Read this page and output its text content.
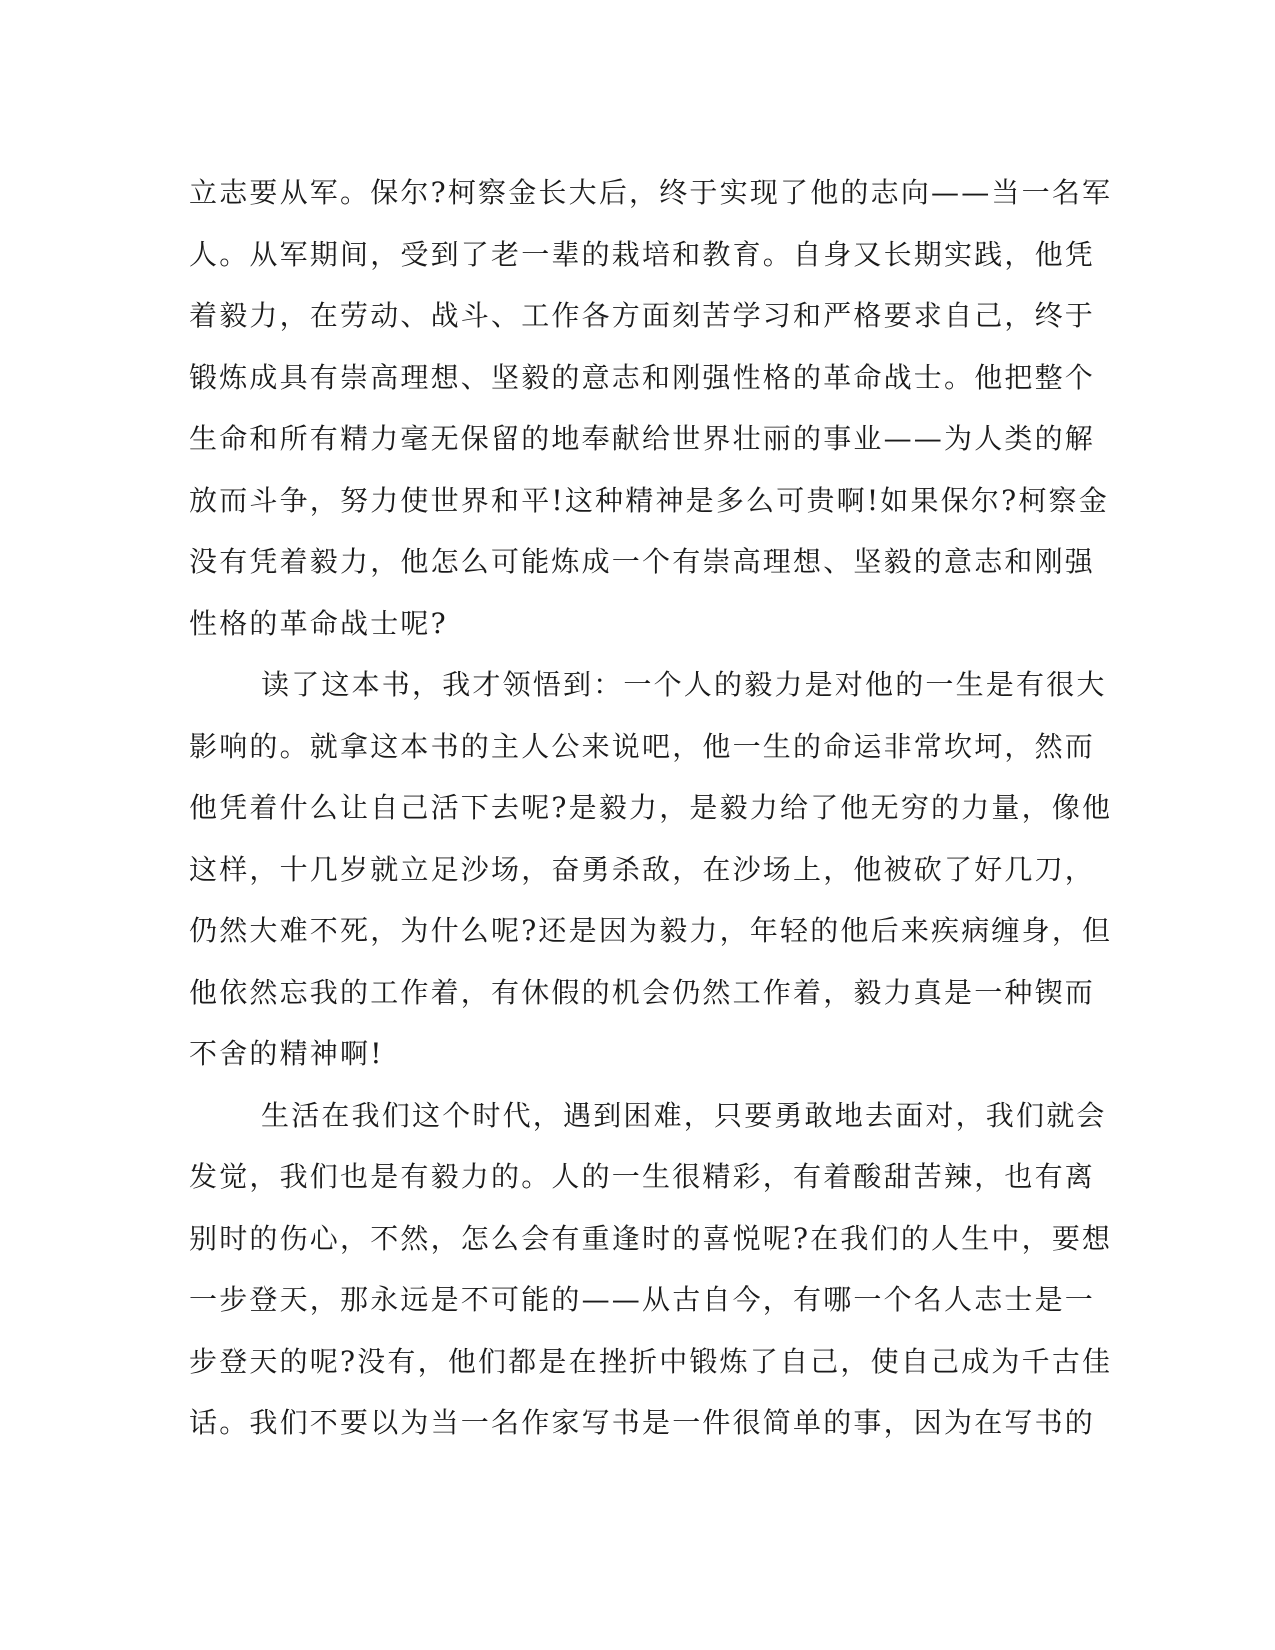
立志要从军。保尔?柯察金长大后，终于实现了他的志向——当一名军
人。从军期间，受到了老一辈的栽培和教育。自身又长期实践，他凭
着毅力，在劳动、战斗、工作各方面刻苦学习和严格要求自己，终于
锻炼成具有崇高理想、坚毅的意志和刚强性格的革命战士。他把整个
生命和所有精力毫无保留的地奉献给世界壮丽的事业——为人类的解
放而斗争，努力使世界和平!这种精神是多么可贵啊!如果保尔?柯察金
没有凭着毅力，他怎么可能炼成一个有崇高理想、坚毅的意志和刚强
性格的革命战士呢?
读了这本书，我才领悟到：一个人的毅力是对他的一生是有很大
影响的。就拿这本书的主人公来说吧，他一生的命运非常坎坷，然而
他凭着什么让自己活下去呢?是毅力，是毅力给了他无穷的力量，像他
这样，十几岁就立足沙场，奋勇杀敌，在沙场上，他被砍了好几刀，
仍然大难不死，为什么呢?还是因为毅力，年轻的他后来疾病缠身，但
他依然忘我的工作着，有休假的机会仍然工作着，毅力真是一种锲而
不舍的精神啊!
生活在我们这个时代，遇到困难，只要勇敢地去面对，我们就会
发觉，我们也是有毅力的。人的一生很精彩，有着酸甜苦辣，也有离
别时的伤心，不然，怎么会有重逢时的喜悦呢?在我们的人生中，要想
一步登天，那永远是不可能的——从古自今，有哪一个名人志士是一
步登天的呢?没有，他们都是在挫折中锻炼了自己，使自己成为千古佳
话。我们不要以为当一名作家写书是一件很简单的事，因为在写书的
